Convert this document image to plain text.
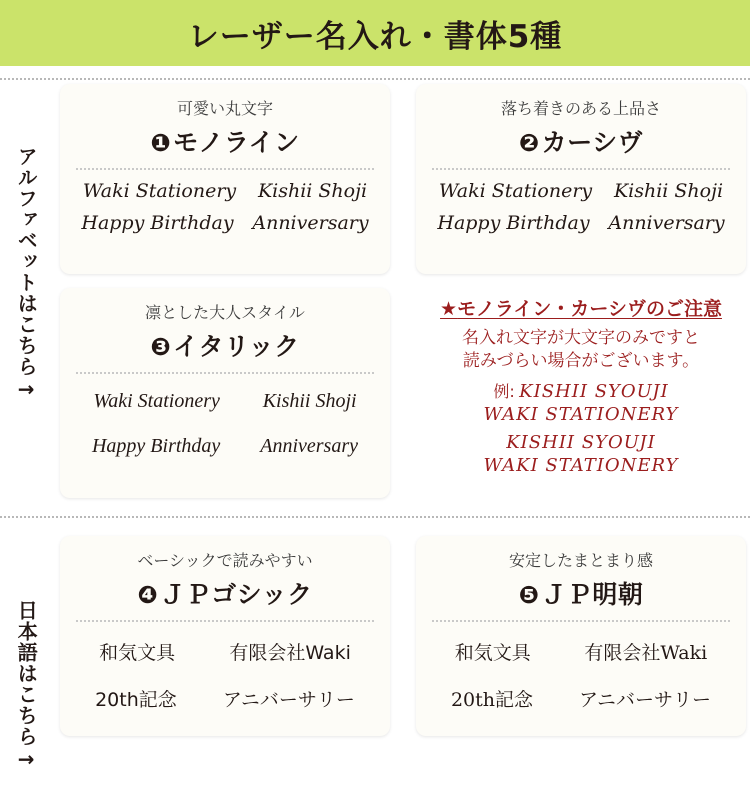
レーザー名入れ・書体5種
アルファベットはこちら→
日本語はこちら→
可愛い丸文字
❶モノライン
Waki Stationery Kishii Shoji
Happy Birthday Anniversary
落ち着きのある上品さ
❷カーシヴ
Waki Stationery Kishii Shoji
Happy Birthday Anniversary
凛とした大人スタイル
❸イタリック
Waki Stationery Kishii Shoji
Happy Birthday Anniversary
★モノライン・カーシヴのご注意
名入れ文字が大文字のみですと
読みづらい場合がございます。
例: KISHII SYOUJI
WAKI STATIONERY
KISHII SYOUJI
WAKI STATIONERY
ベーシックで読みやすい
❹ＪＰゴシック
和気文具	有限会社Waki
20th記念 アニバーサリー
安定したまとまり感
❺ＪＰ明朝
和気文具	有限会社Waki
20th記念 アニバーサリー
